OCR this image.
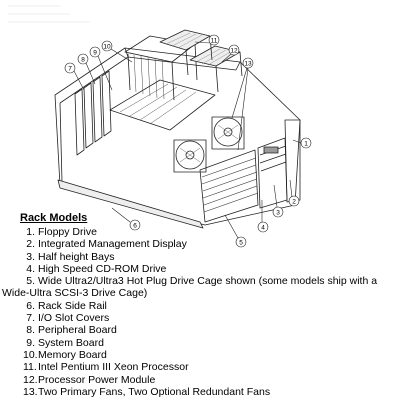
7
8
9
10
11
12
13
1
2
3
4
5
6
Rack Models
1. Floppy Drive
2. Integrated Management Display
3. Half height Bays
4. High Speed CD-ROM Drive
5. Wide Ultra2/Ultra3 Hot Plug Drive Cage shown (some models ship with a
Wide-Ultra SCSI-3 Drive Cage)
6. Rack Side Rail
7. I/O Slot Covers
8. Peripheral Board
9. System Board
10.Memory Board
11.Intel Pentium III Xeon Processor
12.Processor Power Module
13.Two Primary Fans, Two Optional Redundant Fans
